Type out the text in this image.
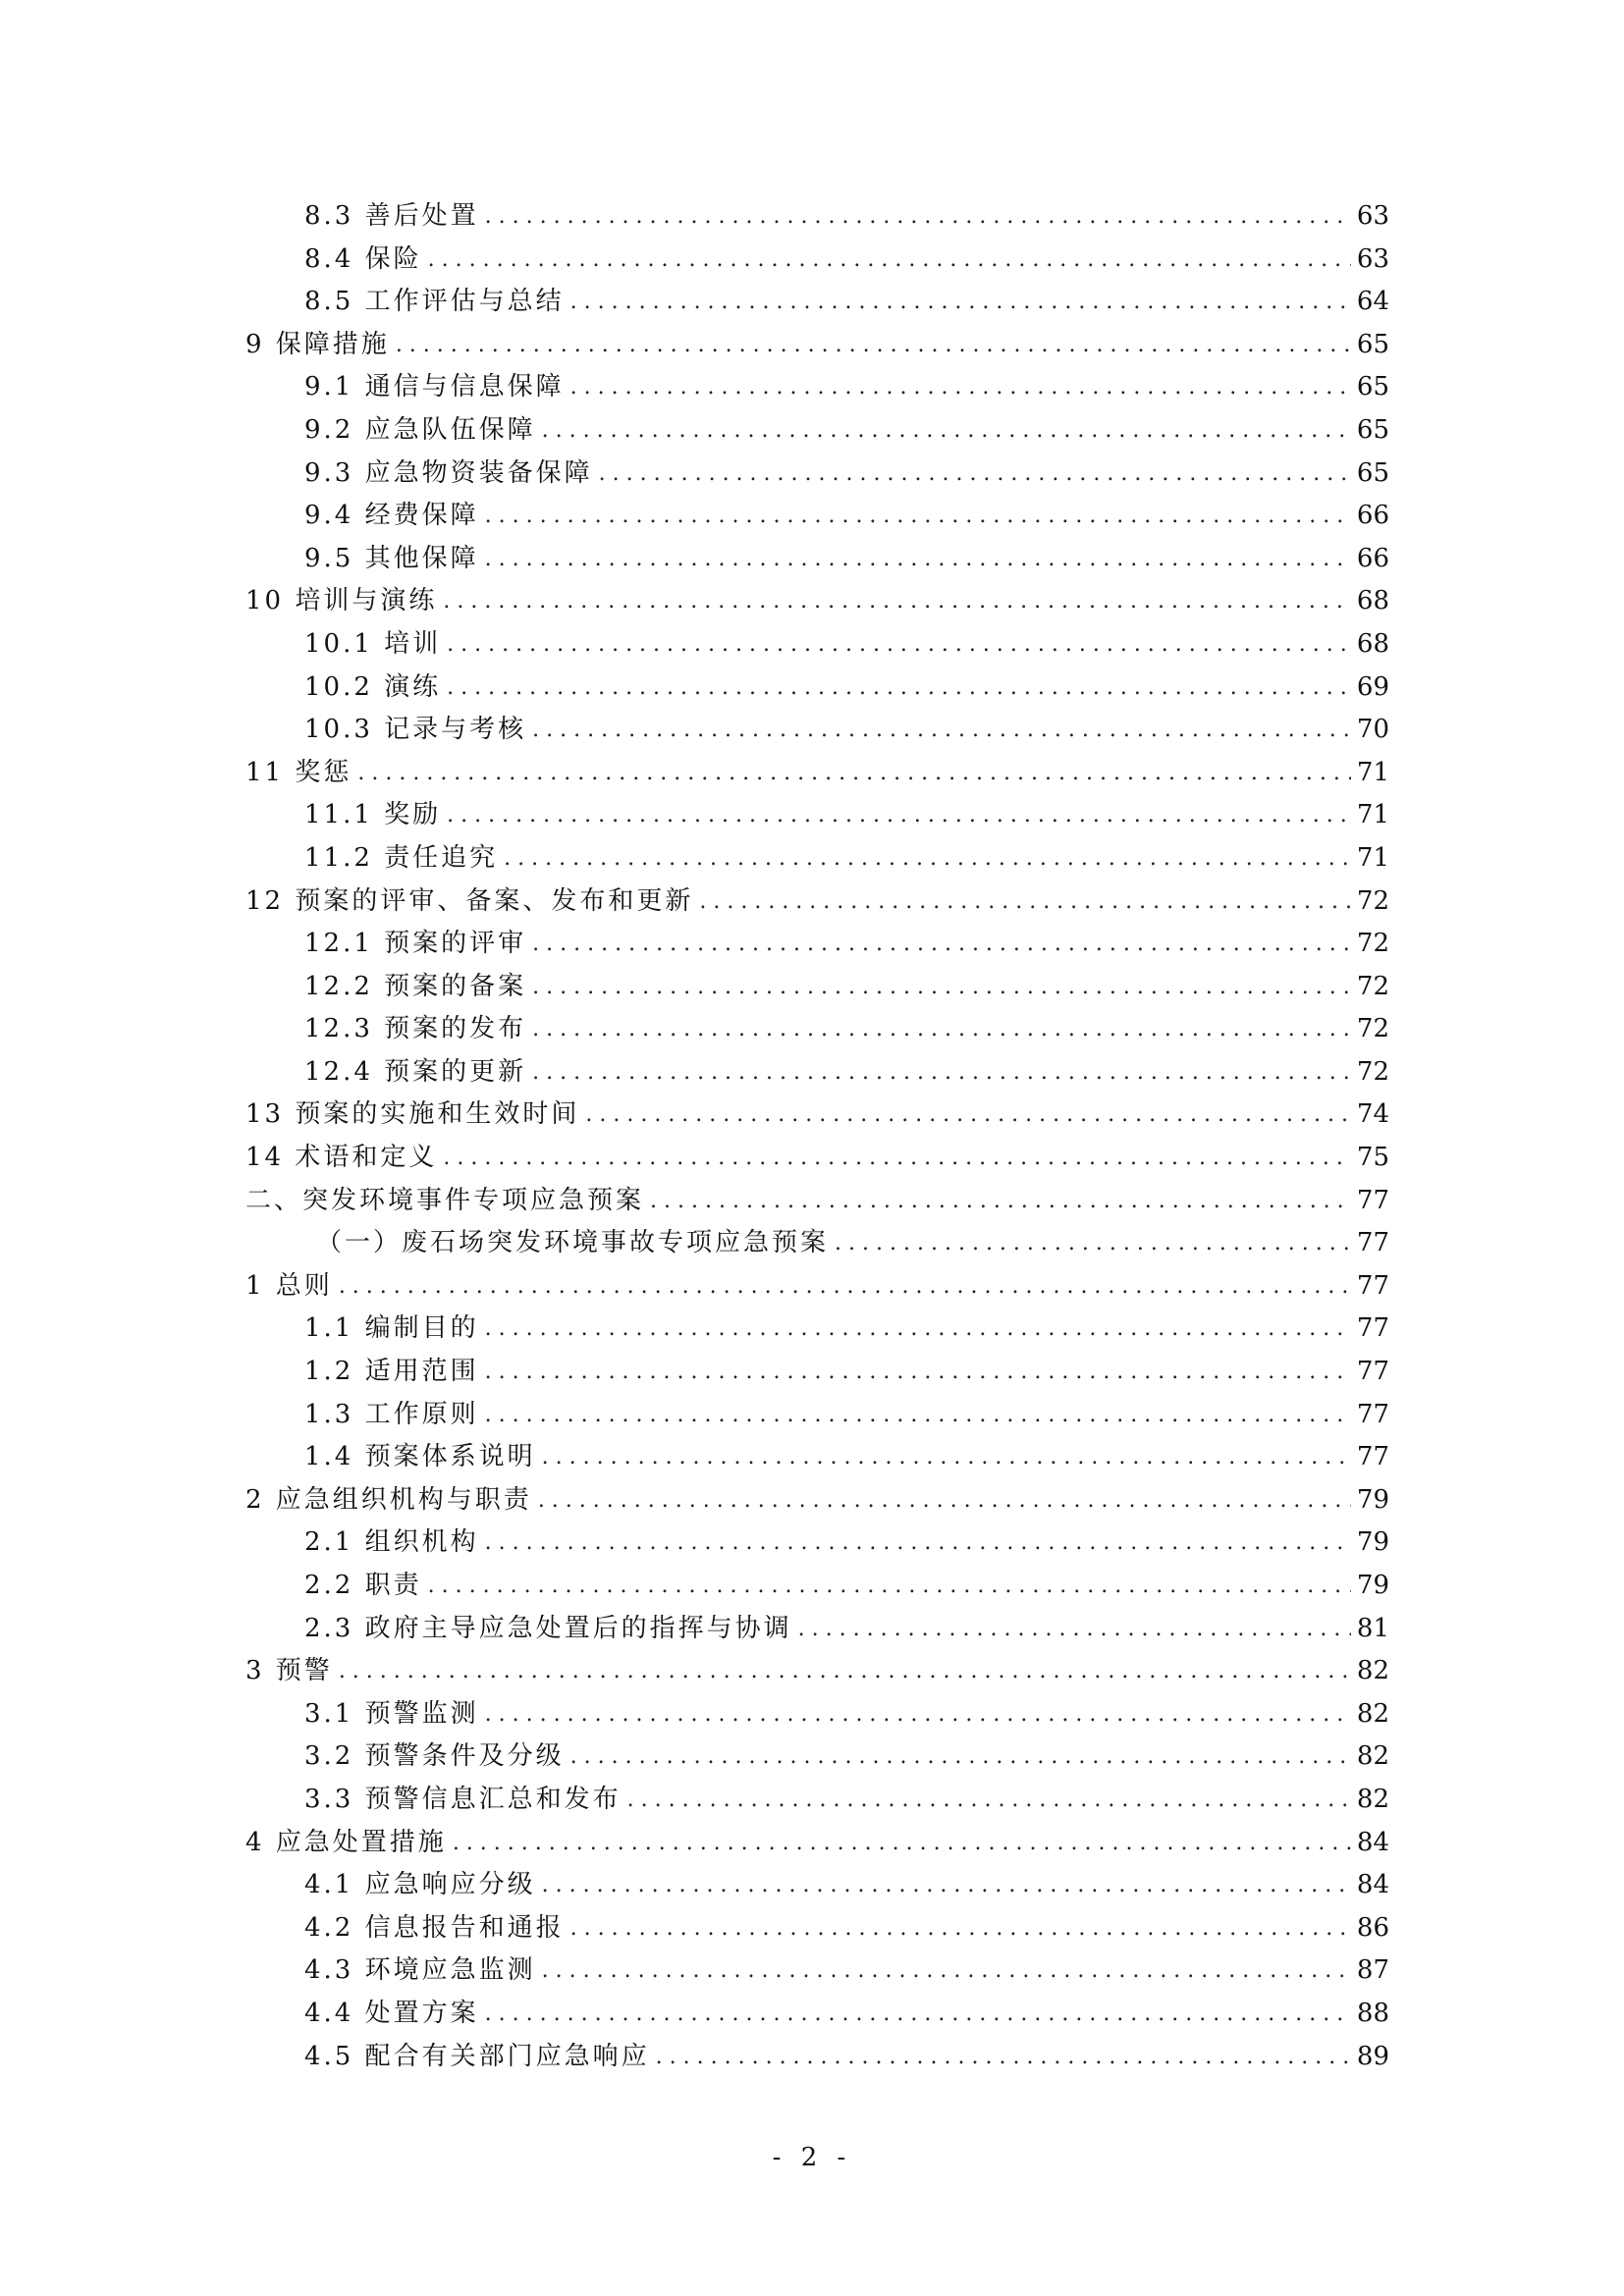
8.3 善后处置 .....	63
8.4 保险 .....	63
8.5 工作评估与总结 .....	64
9 保障措施 .....	65
9.1 通信与信息保障 .....	65
9.2 应急队伍保障 .....	65
9.3 应急物资装备保障 .....	65
9.4 经费保障 .....	66
9.5 其他保障 .....	66
10 培训与演练 .....	68
10.1 培训 .....	68
10.2 演练 .....	69
10.3 记录与考核 .....	70
11 奖惩 .....	71
11.1 奖励 .....	71
11.2 责任追究 .....	71
12 预案的评审、备案、发布和更新 .....	72
12.1 预案的评审 .....	72
12.2 预案的备案 .....	72
12.3 预案的发布 .....	72
12.4 预案的更新 .....	72
13 预案的实施和生效时间 .....	74
14 术语和定义 .....	75
二、突发环境事件专项应急预案 .....	77
（一）废石场突发环境事故专项应急预案 .....	77
1 总则 .....	77
1.1 编制目的 .....	77
1.2 适用范围 .....	77
1.3 工作原则 .....	77
1.4 预案体系说明 .....	77
2 应急组织机构与职责 .....	79
2.1 组织机构 .....	79
2.2 职责 .....	79
2.3 政府主导应急处置后的指挥与协调 .....	81
3 预警 .....	82
3.1 预警监测 .....	82
3.2 预警条件及分级 .....	82
3.3 预警信息汇总和发布 .....	82
4 应急处置措施 .....	84
4.1 应急响应分级 .....	84
4.2 信息报告和通报 .....	86
4.3 环境应急监测 .....	87
4.4 处置方案 .....	88
4.5 配合有关部门应急响应 .....	89
- 2 -
